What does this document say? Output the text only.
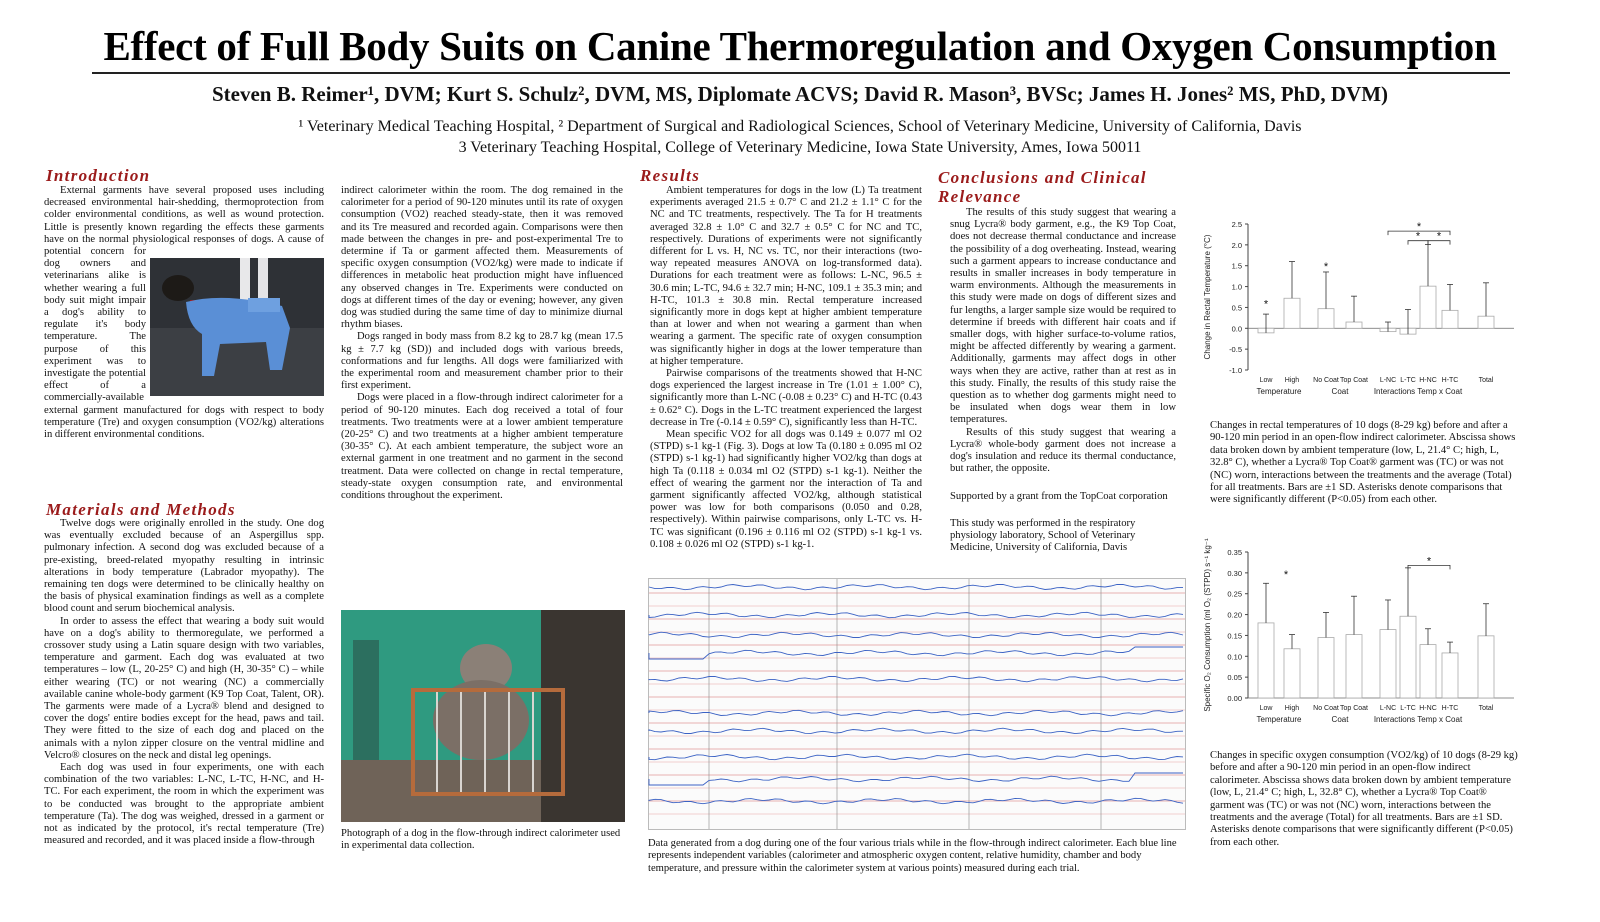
Effect of Full Body Suits on Canine Thermoregulation and Oxygen Consumption
Steven B. Reimer¹, DVM; Kurt S. Schulz², DVM, MS, Diplomate ACVS; David R. Mason³, BVSc; James H. Jones² MS, PhD, DVM)
¹ Veterinary Medical Teaching Hospital, ² Department of Surgical and Radiological Sciences, School of Veterinary Medicine, University of California, Davis
3 Veterinary Teaching Hospital, College of Veterinary Medicine, Iowa State University, Ames, Iowa 50011
Introduction
External garments have several proposed uses including decreased environmental hair-shedding, thermoprotection from colder environmental conditions, as well as wound protection. Little is presently known regarding the effects these garments have on the normal physiological responses of dogs. A cause of potential concern for dog owners and veterinarians alike is whether wearing a full body suit might impair a dog's ability to regulate it's body temperature. The purpose of this experiment was to investigate the potential effect of a commercially-available external garment manufactured for dogs with respect to body temperature (Tre) and oxygen consumption (VO2/kg) alterations in different environmental conditions.
Materials and Methods

Twelve dogs were originally enrolled in the study. One dog was eventually excluded because of an Aspergillus spp. pulmonary infection. A second dog was excluded because of a pre-existing, breed-related myopathy resulting in intrinsic alterations in body temperature (Labrador myopathy). The remaining ten dogs were determined to be clinically healthy on the basis of physical examination findings as well as a complete blood count and serum biochemical analysis.

In order to assess the effect that wearing a body suit would have on a dog's ability to thermoregulate, we performed a crossover study using a Latin square design with two variables, temperature and garment. Each dog was evaluated at two temperatures – low (L, 20-25° C) and high (H, 30-35° C) – while either wearing (TC) or not wearing (NC) a commercially available canine whole-body garment (K9 Top Coat, Talent, OR). The garments were made of a Lycra® blend and designed to cover the dogs' entire bodies except for the head, paws and tail. They were fitted to the size of each dog and placed on the animals with a nylon zipper closure on the ventral midline and Velcro® closures on the neck and distal leg openings.

Each dog was used in four experiments, one with each combination of the two variables: L-NC, L-TC, H-NC, and H-TC. For each experiment, the room in which the experiment was to be conducted was brought to the appropriate ambient temperature (Ta). The dog was weighed, dressed in a garment or not as indicated by the protocol, it's rectal temperature (Tre) measured and recorded, and it was placed inside a flow-through

indirect calorimeter within the room. The dog remained in the calorimeter for a period of 90-120 minutes until its rate of oxygen consumption (VO2) reached steady-state, then it was removed and its Tre measured and recorded again. Comparisons were then made between the changes in pre- and post-experimental Tre to determine if Ta or garment affected them. Measurements of specific oxygen consumption (VO2/kg) were made to indicate if differences in metabolic heat production might have influenced any observed changes in Tre. Experiments were conducted on dogs at different times of the day or evening; however, any given dog was studied during the same time of day to minimize diurnal rhythm biases.

Dogs ranged in body mass from 8.2 kg to 28.7 kg (mean 17.5 kg ± 7.7 kg (SD)) and included dogs with various breeds, conformations and fur lengths. All dogs were familiarized with the experimental room and measurement chamber prior to their first experiment.

Dogs were placed in a flow-through indirect calorimeter for a period of 90-120 minutes. Each dog received a total of four treatments. Two treatments were at a lower ambient temperature (20-25° C) and two treatments at a higher ambient temperature (30-35° C). At each ambient temperature, the subject wore an external garment in one treatment and no garment in the second treatment. Data were collected on change in rectal temperature, steady-state oxygen consumption rate, and environmental conditions throughout the experiment.

Photograph of a dog in the flow-through indirect calorimeter used in experimental data collection.
Results

Ambient temperatures for dogs in the low (L) Ta treatment experiments averaged 21.5 ± 0.7° C and 21.2 ± 1.1° C for the NC and TC treatments, respectively. The Ta for H treatments averaged 32.8 ± 1.0° C and 32.7 ± 0.5° C for NC and TC, respectively. Durations of experiments were not significantly different for L vs. H, NC vs. TC, nor their interactions (two-way repeated measures ANOVA on log-transformed data). Durations for each treatment were as follows: L-NC, 96.5 ± 30.6 min; L-TC, 94.6 ± 32.7 min; H-NC, 109.1 ± 35.3 min; and H-TC, 101.3 ± 30.8 min. Rectal temperature increased significantly more in dogs kept at higher ambient temperature than at lower and when not wearing a garment than when wearing a garment. The specific rate of oxygen consumption was significantly higher in dogs at the lower temperature than at higher temperature.

Pairwise comparisons of the treatments showed that H-NC dogs experienced the largest increase in Tre (1.01 ± 1.00° C), significantly more than L-NC (-0.08 ± 0.23° C) and H-TC (0.43 ± 0.62° C). Dogs in the L-TC treatment experienced the largest decrease in Tre (-0.14 ± 0.59° C), significantly less than H-TC.

Mean specific VO2 for all dogs was 0.149 ± 0.077 ml O2 (STPD) s-1 kg-1 (Fig. 3). Dogs at low Ta (0.180 ± 0.095 ml O2 (STPD) s-1 kg-1) had significantly higher VO2/kg than dogs at high Ta (0.118 ± 0.034 ml O2 (STPD) s-1 kg-1). Neither the effect of wearing the garment nor the interaction of Ta and garment significantly affected VO2/kg, although statistical power was low for both comparisons (0.050 and 0.28, respectively). Within pairwise comparisons, only L-TC vs. H-TC was significant (0.196 ± 0.116 ml O2 (STPD) s-1 kg-1 vs. 0.108 ± 0.026 ml O2 (STPD) s-1 kg-1.

Data generated from a dog during one of the four various trials while in the flow-through indirect calorimeter. Each blue line represents independent variables (calorimeter and atmospheric oxygen content, relative humidity, chamber and body temperature, and pressure within the calorimeter system at various points) measured during each trial.
Conclusions and Clinical Relevance

The results of this study suggest that wearing a snug Lycra® body garment, e.g., the K9 Top Coat, does not decrease thermal conductance and increase the possibility of a dog overheating. Instead, wearing such a garment appears to increase conductance and results in smaller increases in body temperature in warm environments. Although the measurements in this study were made on dogs of different sizes and fur lengths, a larger sample size would be required to determine if breeds with different hair coats and if smaller dogs, with higher surface-to-volume ratios, might be affected differently by wearing a garment. Additionally, garments may affect dogs in other ways when they are active, rather than at rest as in this study. Finally, the results of this study raise the question as to whether dog garments might need to be insulated when dogs wear them in low temperatures.

Results of this study suggest that wearing a Lycra® whole-body garment does not increase a dog's insulation and reduce its thermal conductance, but rather, the opposite.

Supported by a grant from the TopCoat corporation
This study was performed in the respiratory physiology laboratory, School of Veterinary Medicine, University of California, Davis
-1.0
-0.5
0.0
0.5
1.0
1.5
2.0
2.5
Low High No Coat Top Coat L-NC L-TC H-NC H-TC	Total
Temperature	Coat	Interactions Temp x Coat
Change in Rectal Temperature (°C)	*
*
*
* *
Changes in rectal temperatures of 10 dogs (8-29 kg) before and after a 90-120 min period in an open-flow indirect calorimeter. Abscissa shows data broken down by ambient temperature (low, L, 21.4° C; high, L, 32.8° C), whether a Lycra® Top Coat® garment was (TC) or was not (NC) worn, interactions between the treatments and the average (Total) for all treatments. Bars are ±1 SD. Asterisks denote comparisons that were significantly different (P<0.05) from each other.
0.00
0.05
0.10
0.15
0.20
0.25
0.30
0.35
Low High No Coat Top Coat L-NC L-TC H-NC H-TC	Total
Temperature	Coat	Interactions Temp x Coat
Specific O₂ Consumption (ml O₂ (STPD) s⁻¹ kg⁻¹	*
*
Changes in specific oxygen consumption (VO2/kg) of 10 dogs (8-29 kg) before and after a 90-120 min period in an open-flow indirect calorimeter. Abscissa shows data broken down by ambient temperature (low, L, 21.4° C; high, L, 32.8° C), whether a Lycra® Top Coat® garment was (TC) or was not (NC) worn, interactions between the treatments and the average (Total) for all treatments. Bars are ±1 SD. Asterisks denote comparisons that were significantly different (P<0.05) from each other.
